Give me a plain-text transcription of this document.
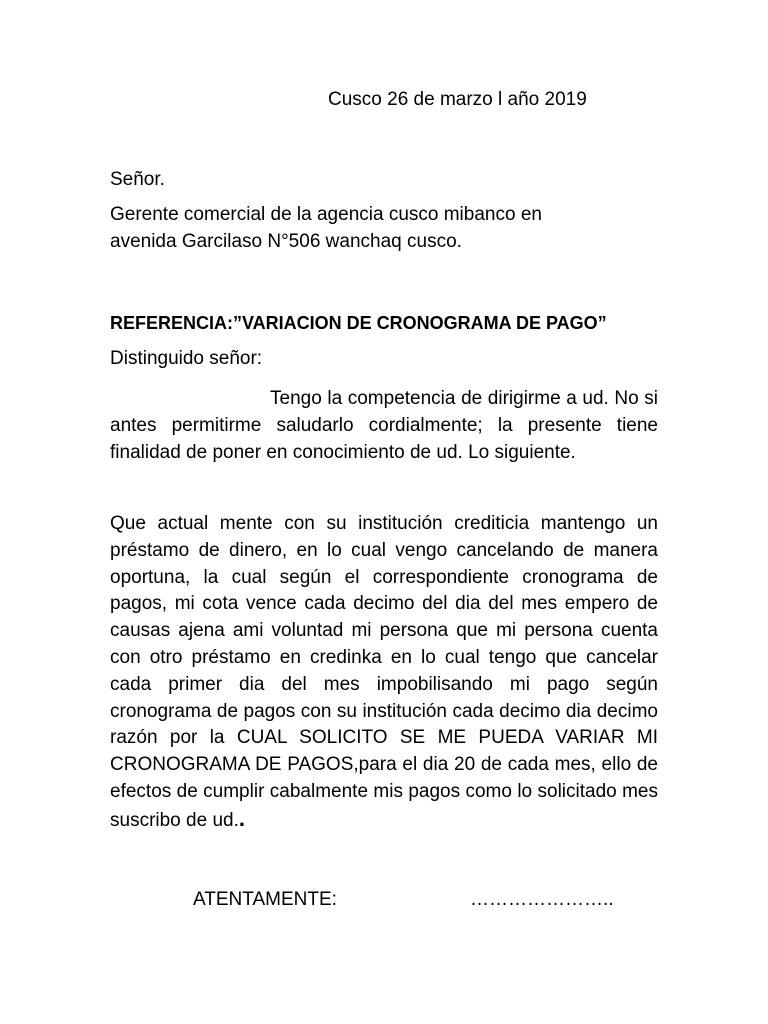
Cusco 26 de marzo l año 2019
Señor.
Gerente comercial de la agencia cusco mibanco en avenida Garcilaso N°506 wanchaq cusco.
REFERENCIA:”VARIACION DE CRONOGRAMA DE PAGO”
Distinguido señor:
Tengo la competencia de dirigirme a ud. No si antes permitirme saludarlo cordialmente; la presente tiene finalidad de poner en conocimiento de ud. Lo siguiente.
Que actual mente con su institución crediticia mantengo un préstamo de dinero, en lo cual vengo cancelando de manera oportuna, la cual según el correspondiente cronograma de pagos, mi cota vence cada decimo del dia del mes empero de causas ajena ami voluntad mi persona que mi persona cuenta con otro préstamo en credinka en lo cual tengo que cancelar cada primer dia del mes impobilisando mi pago según cronograma de pagos con su institución cada decimo dia decimo razón por la CUAL SOLICITO SE ME PUEDA VARIAR MI CRONOGRAMA DE PAGOS,para el dia 20 de cada mes, ello de efectos de cumplir cabalmente mis pagos como lo solicitado mes suscribo de ud..
ATENTAMENTE:	…………………..
